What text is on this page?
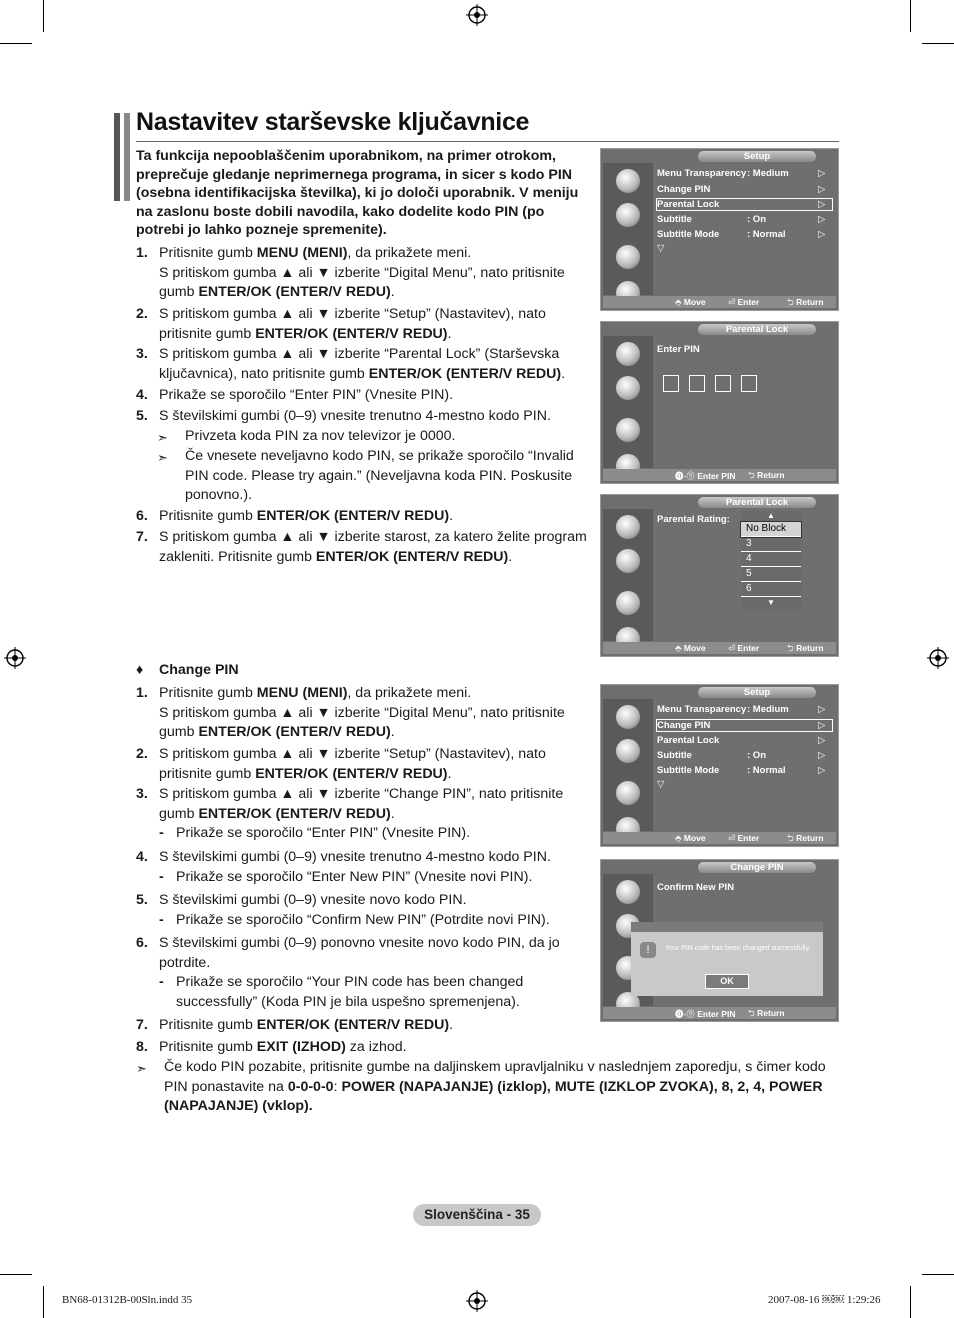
Nastavitev starševske ključavnice
Ta funkcija nepooblaščenim uporabnikom, na primer otrokom, preprečuje gledanje neprimernega programa, in sicer s kodo PIN (osebna identifikacijska številka), ki jo določi uporabnik. V meniju na zaslonu boste dobili navodila, kako dodelite kodo PIN (po potrebi jo lahko pozneje spremenite).
1. Pritisnite gumb MENU (MENI), da prikažete meni.
S pritiskom gumba ▲ ali ▼ izberite “Digital Menu”, nato pritisnite gumb ENTER/OK (ENTER/V REDU).
2. S pritiskom gumba ▲ ali ▼ izberite “Setup” (Nastavitev), nato pritisnite gumb ENTER/OK (ENTER/V REDU).
3. S pritiskom gumba ▲ ali ▼ izberite “Parental Lock” (Starševska ključavnica), nato pritisnite gumb ENTER/OK (ENTER/V REDU).
4. Prikaže se sporočilo “Enter PIN” (Vnesite PIN).
5. S številskimi gumbi (0–9) vnesite trenutno 4-mestno kodo PIN.
➣ Privzeta koda PIN za nov televizor je 0000.
➣ Če vnesete neveljavno kodo PIN, se prikaže sporočilo “Invalid PIN code. Please try again.” (Neveljavna koda PIN. Poskusite ponovno.).
6. Pritisnite gumb ENTER/OK (ENTER/V REDU).
7. S pritiskom gumba ▲ ali ▼ izberite starost, za katero želite program zakleniti. Pritisnite gumb ENTER/OK (ENTER/V REDU).
♦ Change PIN
1. Pritisnite gumb MENU (MENI), da prikažete meni.
S pritiskom gumba ▲ ali ▼ izberite “Digital Menu”, nato pritisnite gumb ENTER/OK (ENTER/V REDU).
2. S pritiskom gumba ▲ ali ▼ izberite “Setup” (Nastavitev), nato pritisnite gumb ENTER/OK (ENTER/V REDU).
3. S pritiskom gumba ▲ ali ▼ izberite “Change PIN”, nato pritisnite gumb ENTER/OK (ENTER/V REDU).
- Prikaže se sporočilo “Enter PIN” (Vnesite PIN).
4. S številskimi gumbi (0–9) vnesite trenutno 4-mestno kodo PIN.
- Prikaže se sporočilo “Enter New PIN” (Vnesite novi PIN).
5. S številskimi gumbi (0–9) vnesite novo kodo PIN.
- Prikaže se sporočilo “Confirm New PIN” (Potrdite novi PIN).
6. S številskimi gumbi (0–9) ponovno vnesite novo kodo PIN, da jo potrdite.
- Prikaže se sporočilo “Your PIN code has been changed successfully” (Koda PIN je bila uspešno spremenjena).
7. Pritisnite gumb ENTER/OK (ENTER/V REDU).
8. Pritisnite gumb EXIT (IZHOD) za izhod.
➣ Če kodo PIN pozabite, pritisnite gumbe na daljinskem upravljalniku v naslednjem zaporedju, s čimer kodo PIN ponastavite na 0-0-0-0: POWER (NAPAJANJE) (izklop), MUTE (IZKLOP ZVOKA), 8, 2, 4, POWER (NAPAJANJE) (vklop).
Setup
Menu Transparency : Medium	▷
Change PIN	▷
Parental Lock	▷
Subtitle	: On	▷
Subtitle Mode	: Normal	▷
▽
⬘ Move	⏎ Enter	⮌ Return
Parental Lock
Enter PIN
⓿-⓽ Enter PIN ⮌ Return
Parental Lock
Parental Rating:	▲
No Block
3
4
5
6
▼
⬘ Move	⏎ Enter	⮌ Return
Setup
Menu Transparency : Medium	▷
Change PIN	▷
Parental Lock	▷
Subtitle	: On	▷
Subtitle Mode	: Normal	▷
▽
⬘ Move	⏎ Enter	⮌ Return
Change PIN
Confirm New PIN
⓿-⓽ Enter PIN ⮌ Return
!	Your PIN code has been changed successfully.
OK
Slovenščina - 35
BN68-01312B-00Sln.indd 35	2007-08-16 ￼￼ 1:29:26
